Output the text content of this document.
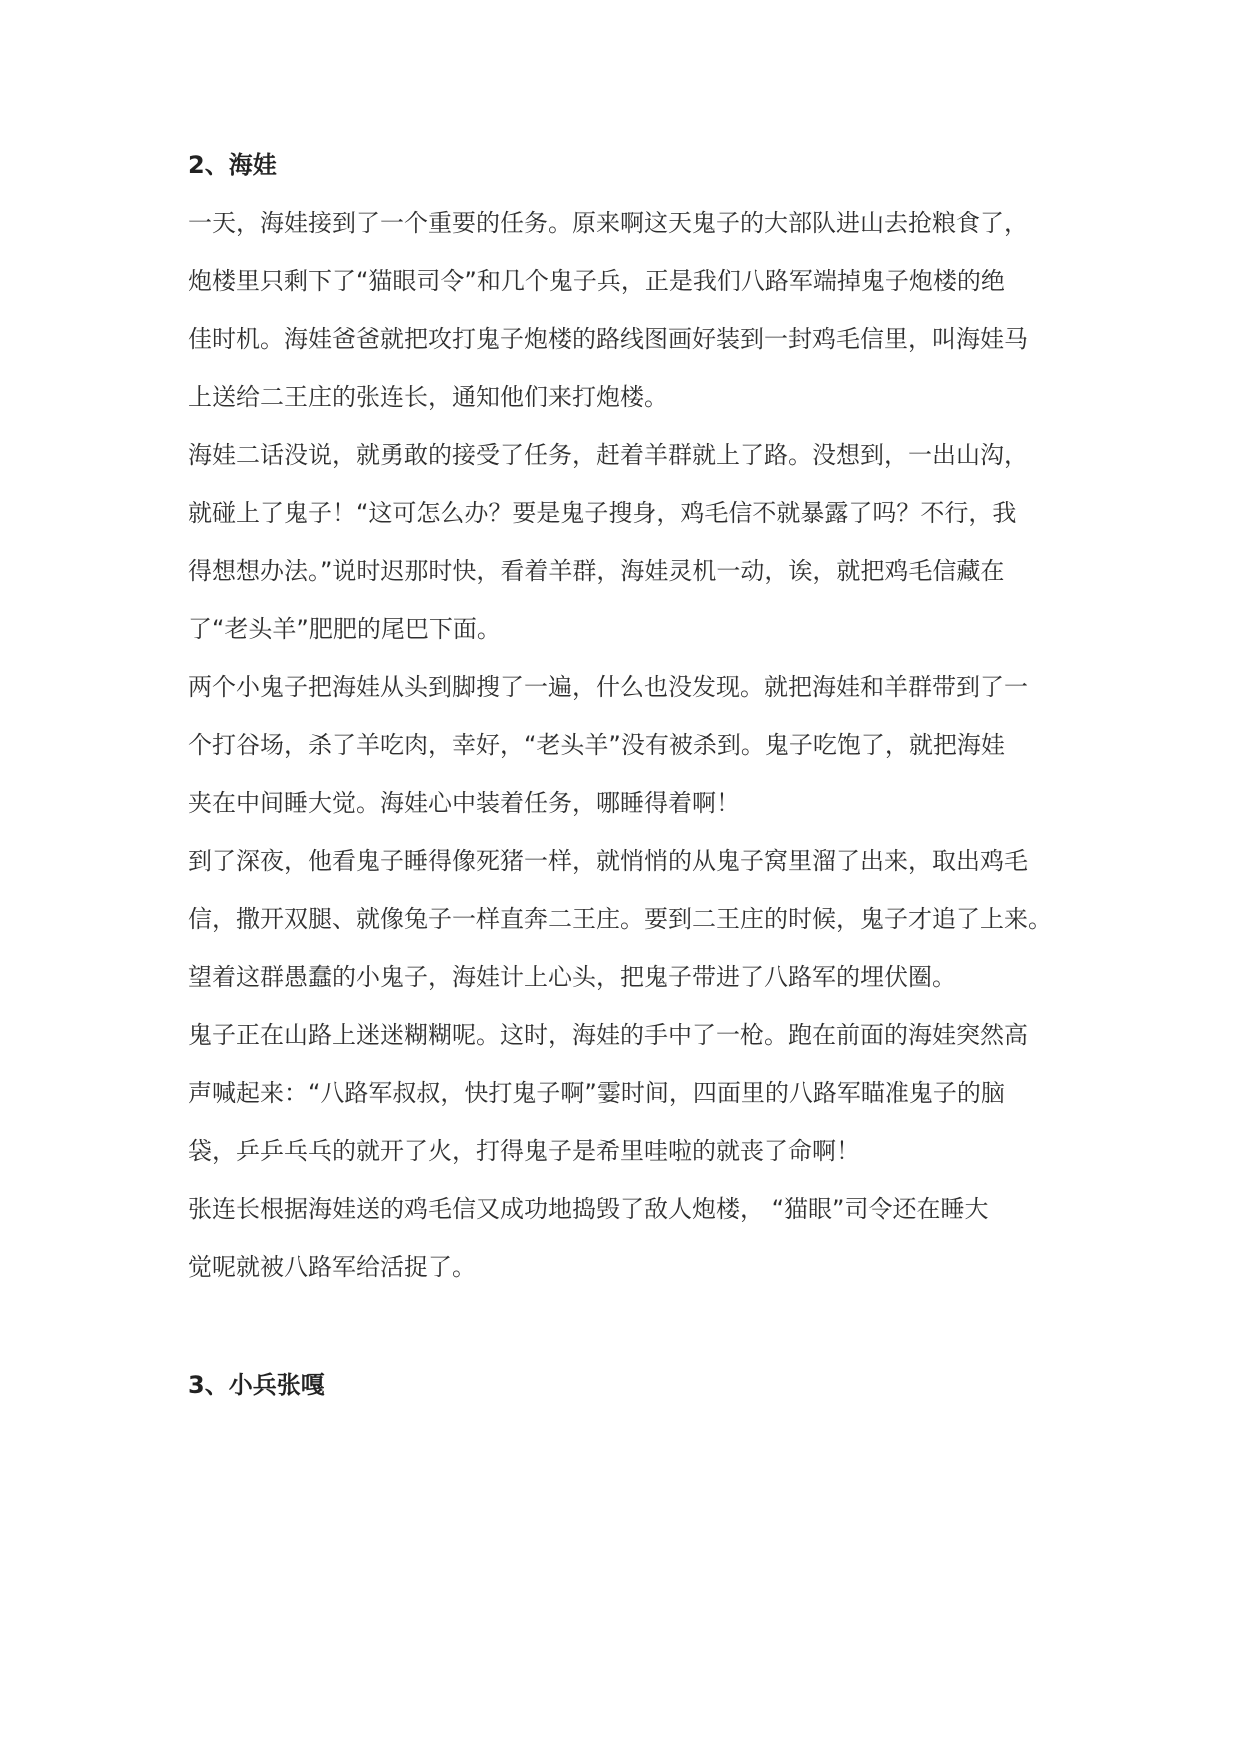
2、海娃
一天，海娃接到了一个重要的任务。原来啊这天鬼子的大部队进山去抢粮食了，
炮楼里只剩下了“猫眼司令”和几个鬼子兵，正是我们八路军端掉鬼子炮楼的绝
佳时机。海娃爸爸就把攻打鬼子炮楼的路线图画好装到一封鸡毛信里，叫海娃马
上送给二王庄的张连长，通知他们来打炮楼。
海娃二话没说，就勇敢的接受了任务，赶着羊群就上了路。没想到，一出山沟，
就碰上了鬼子！“这可怎么办？要是鬼子搜身，鸡毛信不就暴露了吗？不行，我
得想想办法。”说时迟那时快，看着羊群，海娃灵机一动，诶，就把鸡毛信藏在
了“老头羊”肥肥的尾巴下面。
两个小鬼子把海娃从头到脚搜了一遍，什么也没发现。就把海娃和羊群带到了一
个打谷场，杀了羊吃肉，幸好，“老头羊”没有被杀到。鬼子吃饱了，就把海娃
夹在中间睡大觉。海娃心中装着任务，哪睡得着啊！
到了深夜，他看鬼子睡得像死猪一样，就悄悄的从鬼子窝里溜了出来，取出鸡毛
信，撒开双腿、就像兔子一样直奔二王庄。要到二王庄的时候，鬼子才追了上来。
望着这群愚蠢的小鬼子，海娃计上心头，把鬼子带进了八路军的埋伏圈。
鬼子正在山路上迷迷糊糊呢。这时，海娃的手中了一枪。跑在前面的海娃突然高
声喊起来：“八路军叔叔，快打鬼子啊”霎时间，四面里的八路军瞄准鬼子的脑
袋，乒乒乓乓的就开了火，打得鬼子是希里哇啦的就丧了命啊！
张连长根据海娃送的鸡毛信又成功地捣毁了敌人炮楼， “猫眼”司令还在睡大
觉呢就被八路军给活捉了。
3、小兵张嘎
